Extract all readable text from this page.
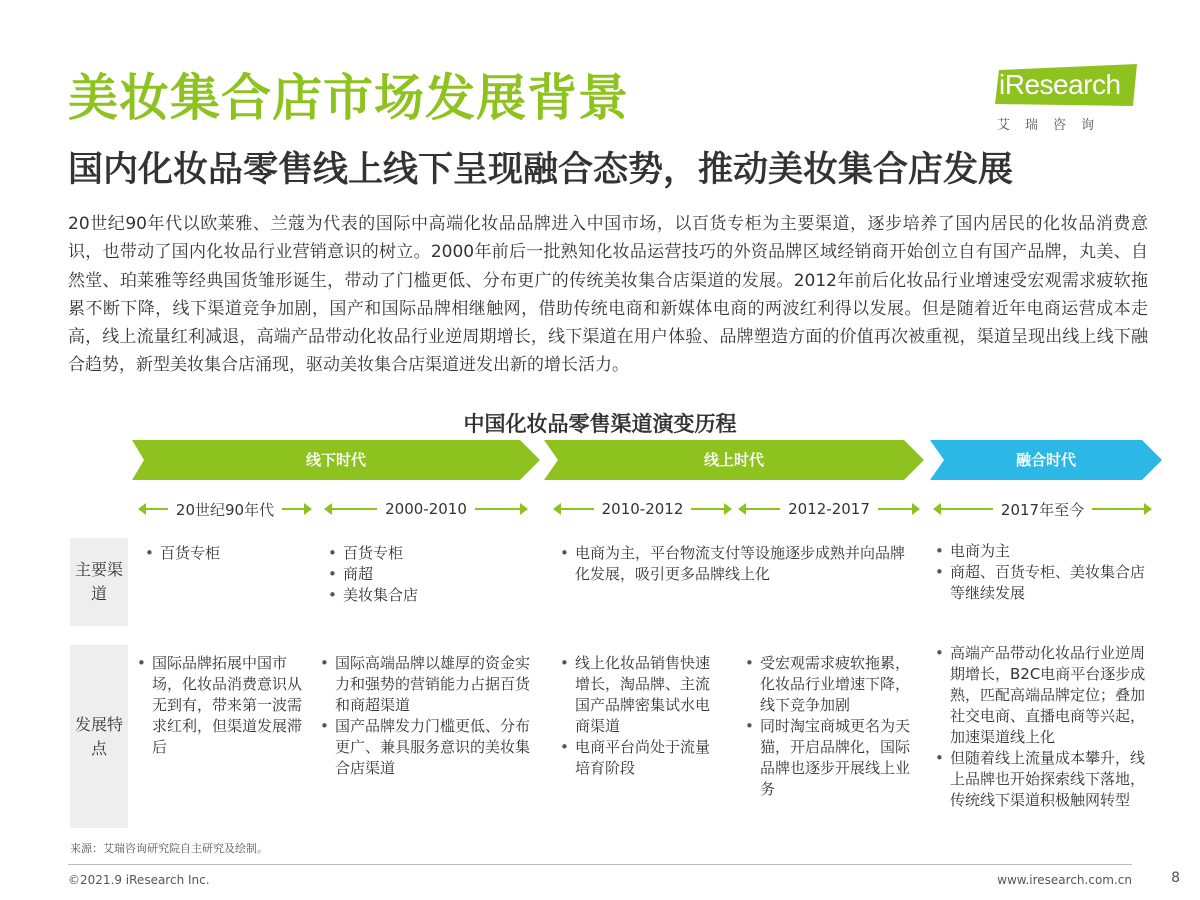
美妆集合店市场发展背景
国内化妆品零售线上线下呈现融合态势，推动美妆集合店发展
iResearch
艾瑞咨询
20世纪90年代以欧莱雅、兰蔻为代表的国际中高端化妆品品牌进入中国市场，以百货专柜为主要渠道，逐步培养了国内居民的化妆品消费意识，也带动了国内化妆品行业营销意识的树立。2000年前后一批熟知化妆品运营技巧的外资品牌区域经销商开始创立自有国产品牌，丸美、自然堂、珀莱雅等经典国货雏形诞生，带动了门槛更低、分布更广的传统美妆集合店渠道的发展。2012年前后化妆品行业增速受宏观需求疲软拖累不断下降，线下渠道竞争加剧，国产和国际品牌相继触网，借助传统电商和新媒体电商的两波红利得以发展。但是随着近年电商运营成本走高，线上流量红利减退，高端产品带动化妆品行业逆周期增长，线下渠道在用户体验、品牌塑造方面的价值再次被重视，渠道呈现出线上线下融合趋势，新型美妆集合店涌现，驱动美妆集合店渠道迸发出新的增长活力。
中国化妆品零售渠道演变历程
线下时代	线上时代	融合时代
20世纪90年代	2000-2010	2010-2012	2012-2017	2017年至今
主要渠道
发展特点
• 百货专柜
•	百货专柜
• 商超
• 美妆集合店
• 电商为主，平台物流支付等设施逐步成熟并向品牌化发展，吸引更多品牌线上化
• 电商为主
• 商超、百货专柜、美妆集合店等继续发展
• 国际品牌拓展中国市场，化妆品消费意识从无到有，带来第一波需求红利，但渠道发展滞后
• 国际高端品牌以雄厚的资金实力和强势的营销能力占据百货和商超渠道
• 国产品牌发力门槛更低、分布更广、兼具服务意识的美妆集合店渠道
• 线上化妆品销售快速增长，淘品牌、主流国产品牌密集试水电商渠道
• 电商平台尚处于流量培育阶段
• 受宏观需求疲软拖累，化妆品行业增速下降，线下竞争加剧
• 同时淘宝商城更名为天猫，开启品牌化，国际品牌也逐步开展线上业务
• 高端产品带动化妆品行业逆周期增长，B2C电商平台逐步成熟，匹配高端品牌定位；叠加社交电商、直播电商等兴起，加速渠道线上化
• 但随着线上流量成本攀升，线上品牌也开始探索线下落地，传统线下渠道积极触网转型
来源：艾瑞咨询研究院自主研究及绘制。
©2021.9 iResearch Inc.	www.iresearch.com.cn	8
